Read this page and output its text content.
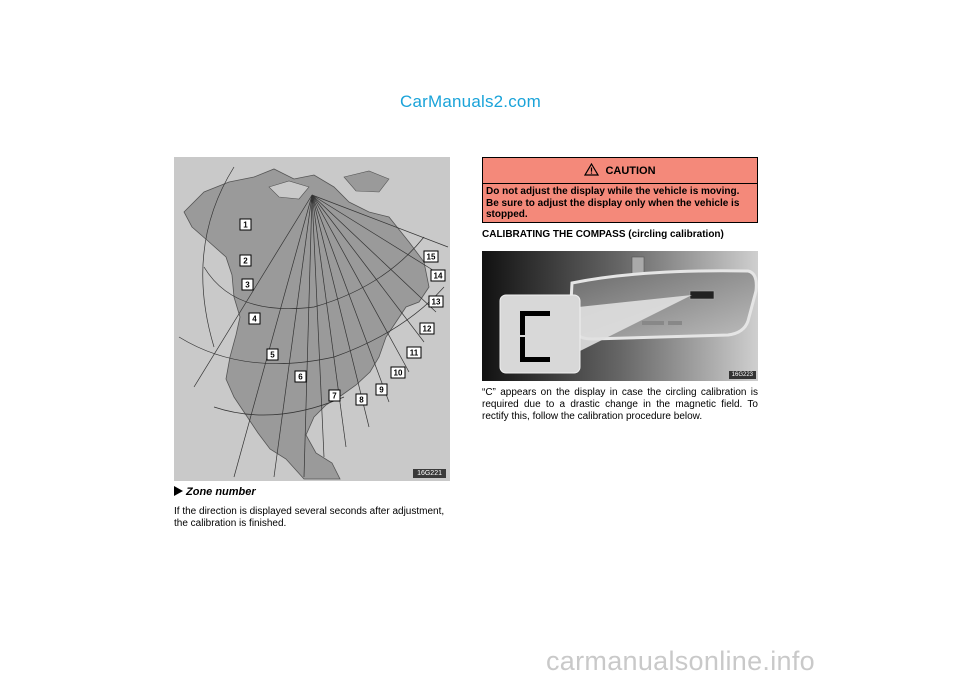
CarManuals2.com
1
2
3
4
5
6
7	8
9
10
11
12
13
14
15
16G221
Zone number
If the direction is displayed several seconds after adjustment, the calibration is finished.
CAUTION
Do not adjust the display while the vehicle is moving. Be sure to adjust the display only when the vehicle is stopped.
CALIBRATING THE COMPASS (circling calibration)
16G223
“C” appears on the display in case the circling calibration is required due to a drastic change in the magnetic field. To rectify this, follow the calibration procedure below.
carmanualsonline.info
